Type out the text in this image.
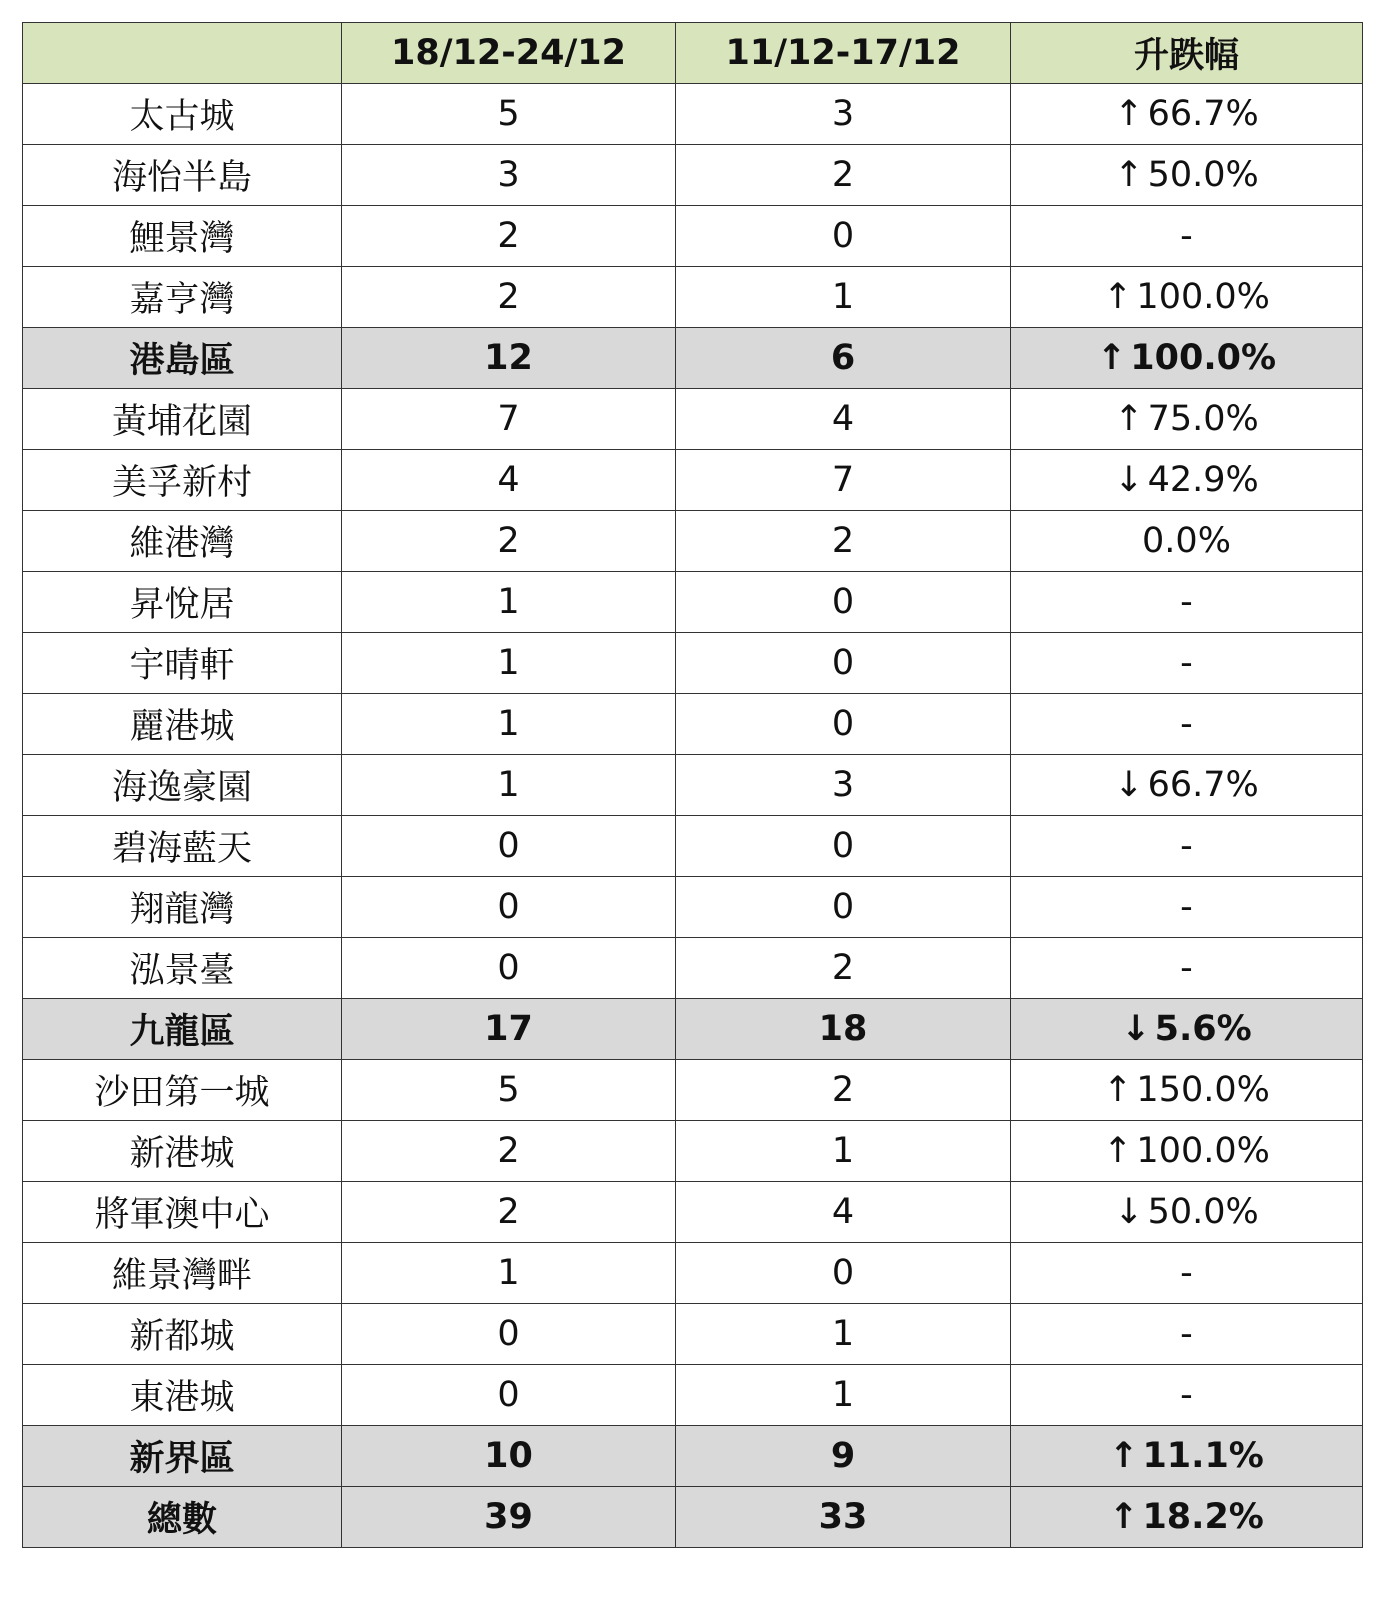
	18/12-24/12	11/12-17/12	升跌幅
太古城	5	3	↑ 66.7%
海怡半島	3	2	↑ 50.0%
鯉景灣	2	0	-
嘉亨灣	2	1	↑ 100.0%
港島區	12	6	↑ 100.0%
黃埔花園	7	4	↑ 75.0%
美孚新村	4	7	↓ 42.9%
維港灣	2	2	0.0%
昇悅居	1	0	-
宇晴軒	1	0	-
麗港城	1	0	-
海逸豪園	1	3	↓ 66.7%
碧海藍天	0	0	-
翔龍灣	0	0	-
泓景臺	0	2	-
九龍區	17	18	↓ 5.6%
沙田第一城	5	2	↑ 150.0%
新港城	2	1	↑ 100.0%
將軍澳中心	2	4	↓ 50.0%
維景灣畔	1	0	-
新都城	0	1	-
東港城	0	1	-
新界區	10	9	↑ 11.1%
總數	39	33	↑ 18.2%
